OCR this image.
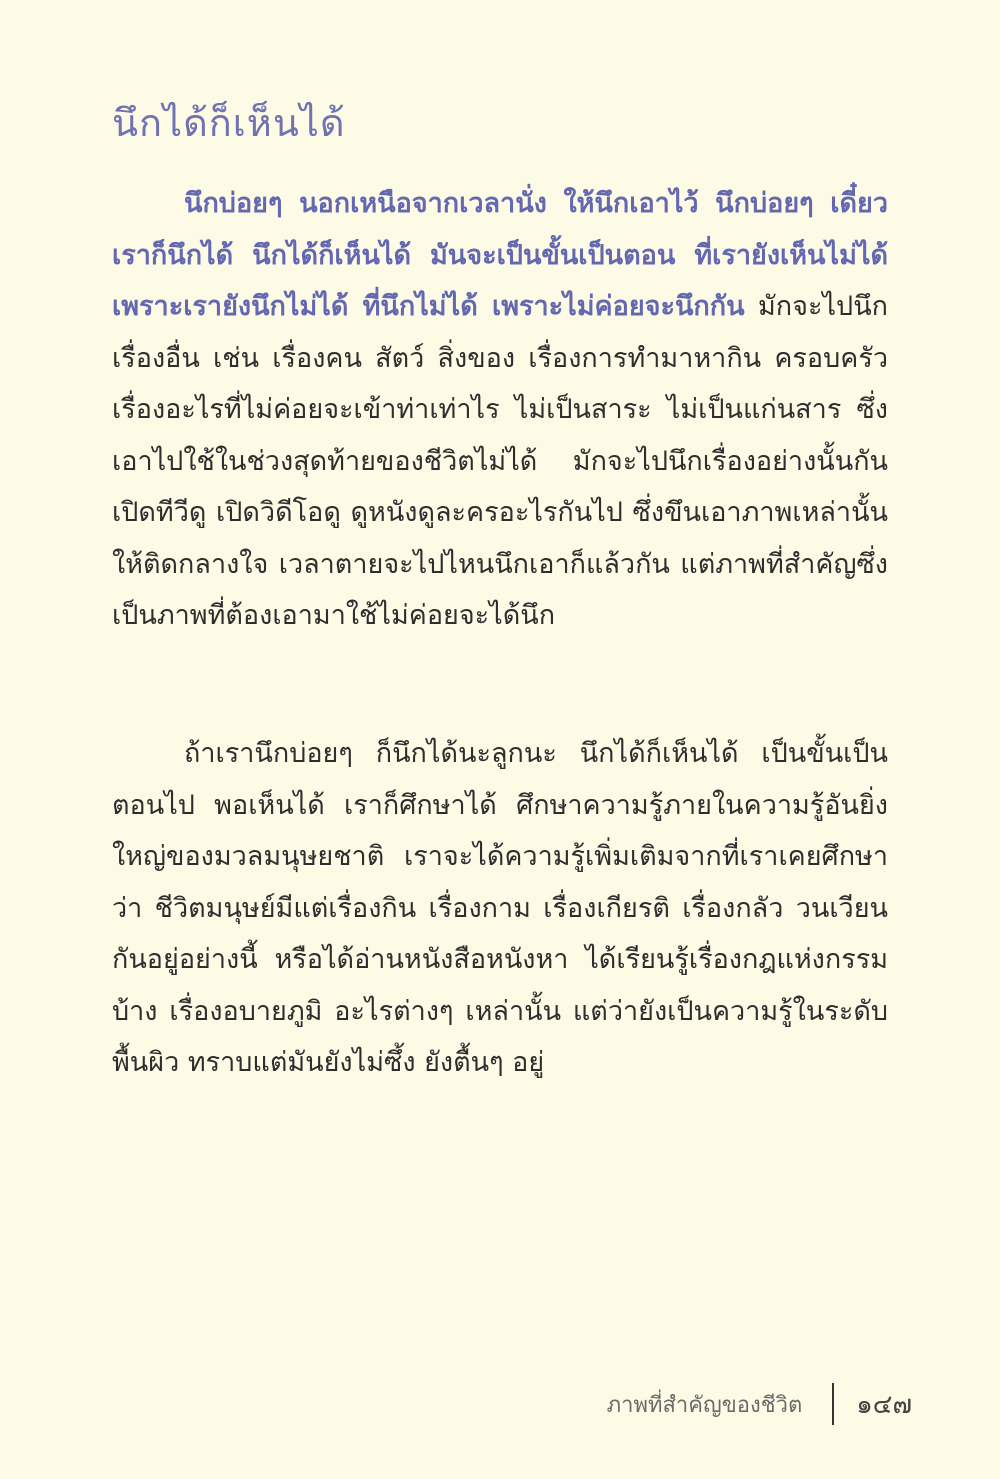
นึกได้ก็เห็นได้

นึกบ่อยๆ นอกเหนือจากเวลานั่ง ให้นึกเอาไว้ นึกบ่อยๆ เดี๋ยวเราก็นึกได้ นึกได้ก็เห็นได้ มันจะเป็นขั้นเป็นตอน ที่เรายังเห็นไม่ได้เพราะเรายังนึกไม่ได้ ที่นึกไม่ได้ เพราะไม่ค่อยจะนึกกัน มักจะไปนึกเรื่องอื่น เช่น เรื่องคน สัตว์ สิ่งของ เรื่องการทำมาหากิน ครอบครัว เรื่องอะไรที่ไม่ค่อยจะเข้าท่าเท่าไร ไม่เป็นสาระ ไม่เป็นแก่นสาร ซึ่งเอาไปใช้ในช่วงสุดท้ายของชีวิตไม่ได้ มักจะไปนึกเรื่องอย่างนั้นกัน เปิดทีวีดู เปิดวิดีโอดู ดูหนังดูละครอะไรกันไป ซึ่งขึนเอาภาพเหล่านั้นให้ติดกลางใจ เวลาตายจะไปไหนนึกเอาก็แล้วกัน แต่ภาพที่สำคัญซึ่งเป็นภาพที่ต้องเอามาใช้ไม่ค่อยจะได้นึก

ถ้าเรานึกบ่อยๆ ก็นึกได้นะลูกนะ นึกได้ก็เห็นได้ เป็นขั้นเป็นตอนไป พอเห็นได้ เราก็ศึกษาได้ ศึกษาความรู้ภายในความรู้อันยิ่งใหญ่ของมวลมนุษยชาติ เราจะได้ความรู้เพิ่มเติมจากที่เราเคยศึกษาว่า ชีวิตมนุษย์มีแต่เรื่องกิน เรื่องกาม เรื่องเกียรติ เรื่องกลัว วนเวียนกันอยู่อย่างนี้ หรือได้อ่านหนังสือหนังหา ได้เรียนรู้เรื่องกฎแห่งกรรมบ้าง เรื่องอบายภูมิ อะไรต่างๆ เหล่านั้น แต่ว่ายังเป็นความรู้ในระดับพื้นผิว ทราบแต่มันยังไม่ซึ้ง ยังตื้นๆ อยู่

ภาพที่สำคัญของชีวิต ๑๔๗
